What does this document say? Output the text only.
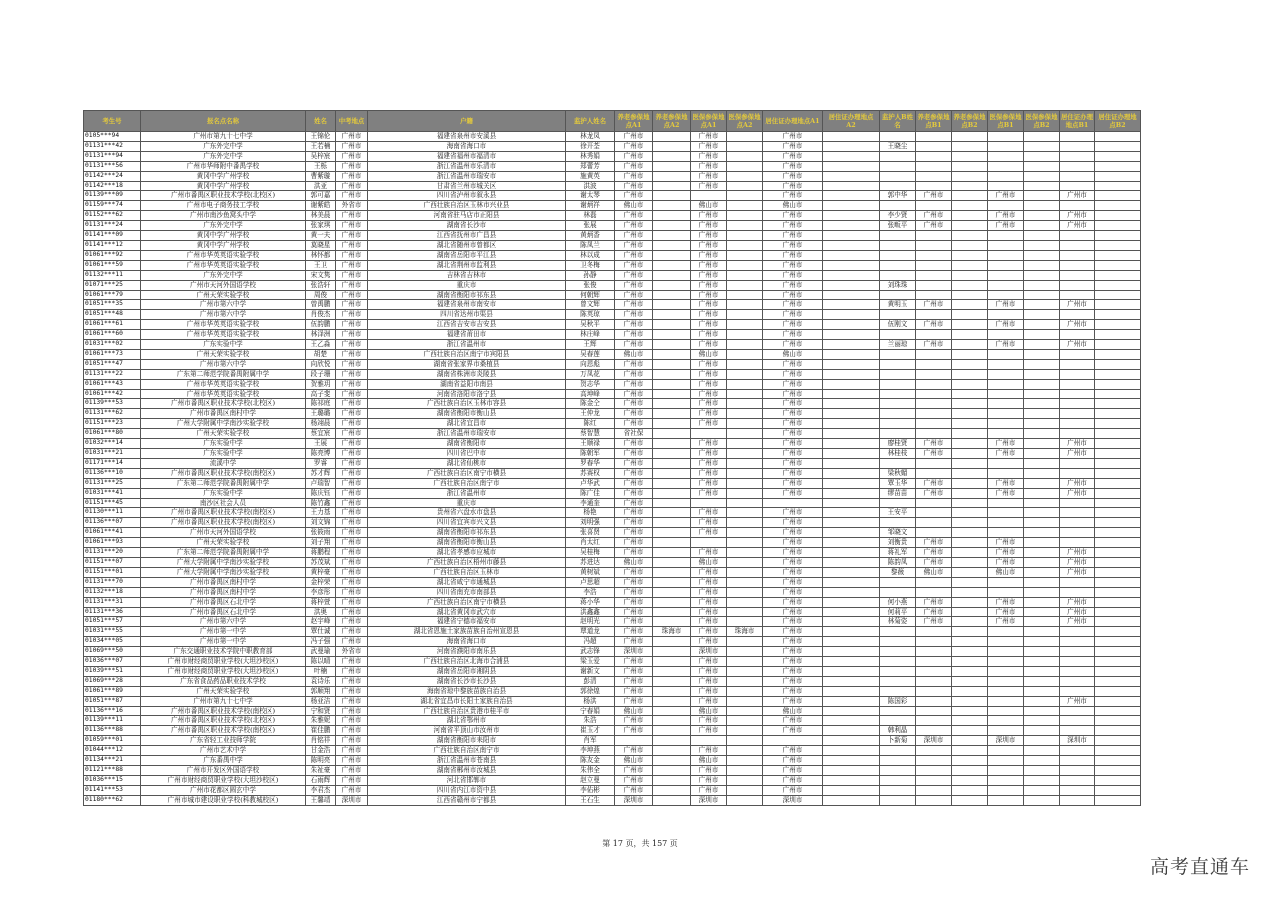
考生号	报名点名称	姓名	中考地点	户籍	监护人姓名	养老参保地点A1	养老参保地点A2	医保参保地点A1	医保参保地点A2	居住证办理地点A1	居住证办理地点A2	监护人B姓名	养老参保地点B1	养老参保地点B2	医保参保地点B1	医保参保地点B2	居住证办理地点B1	居住证办理地点B2
0105***94	广州市第九十七中学	王锦伦	广州市	福建省泉州市安溪县	林龙凤	广州市		广州市		广州市								
01131***42	广东外完中学	王若楠	广州市	海南省海口市	徐开荃	广州市		广州市		广州市		王晓尘						
01131***94	广东外完中学	吴梓宸	广州市	福建省福州市福清市	林秀娟	广州市		广州市		广州市								
01131***56	广州市华师附中番禺学校	王栎	广州市	浙江省温州市乐清市	郑蕾芳	广州市		广州市		广州市								
01142***24	黄冈中学广州学校	曹紫璇	广州市	浙江省温州市瑞安市	施黄英	广州市		广州市		广州市								
01142***18	黄冈中学广州学校	洪亚	广州市	甘肃省兰州市城关区	洪波	广州市		广州市		广州市								
01139***09	广州市番禺区职业技术学校(北校区)	郭可嘉	广州市	四川省泸州市叙永县	谢太琴	广州市				广州市		郭中华	广州市		广州市		广州市	
01159***74	广州市电子商务技工学校	谢紫皓	外省市	广西壮族自治区玉林市兴业县	谢炳祥	佛山市		佛山市		佛山市								
01152***62	广州市南沙鱼窝头中学	林美晨	广州市	河南省驻马店市正阳县	林磊	广州市		广州市		广州市		李少贤	广州市		广州市		广州市	
01131***24	广东外完中学	张家琪	广州市	湖南省长沙市	张展	广州市		广州市		广州市		张畈平	广州市		广州市		广州市	
01141***09	黄冈中学广州学校	黄一夫	广州市	江西省抚州市广昌县	黄炳香	广州市		广州市		广州市								
01141***12	黄冈中学广州学校	莫晓星	广州市	湖北省随州市曾都区	陈凤兰	广州市		广州市		广州市								
01061***92	广州市华英英语实验学校	林怀都	广州市	湖南省岳阳市平江县	林以成	广州市		广州市		广州市								
01061***59	广州市华英英语实验学校	王卫	广州市	湖北省荆州市监利县	卫冬梅	广州市		广州市		广州市								
01132***11	广东外完中学	宋文隽	广州市	吉林省吉林市	孙静	广州市		广州市		广州市								
01071***25	广州市天河外国语学校	张浩轩	广州市	重庆市	张俊	广州市		广州市		广州市		刘珠珠						
01061***79	广州天荣实验学校	周俊	广州市	湖南省衡阳市祁东县	何朝辉	广州市		广州市		广州市								
01051***35	广州市第六中学	曾禹鹏	广州市	福建省泉州市南安市	曾文辉	广州市		广州市		广州市		黄明玉	广州市		广州市		广州市	
01051***48	广州市第六中学	肖俊杰	广州市	四川省达州市渠县	陈英琼	广州市		广州市		广州市								
01061***61	广州市华英英语实验学校	伍韵鹏	广州市	江西省吉安市吉安县	吴秋平	广州市		广州市		广州市		伍刚文	广州市		广州市		广州市	
01061***60	广州市华英英语实验学校	林泽洲	广州市	福建省莆田市	林庄峰	广州市		广州市		广州市								
01031***02	广东实验中学	王乙淼	广州市	浙江省温州市	王辉	广州市		广州市		广州市		兰丽琼	广州市		广州市		广州市	
01061***73	广州天荣实验学校	胡楚	广州市	广西壮族自治区南宁市宾阳县	吴春莲	佛山市		佛山市		佛山市								
01051***47	广州市第六中学	向欣悦	广州市	湖南省张家界市桑植县	向恩彪	广州市		广州市		广州市								
01131***22	广东第二师范学院番禺附属中学	段子珊	广州市	湖南省株洲市炎陵县	万凤花	广州市		广州市		广州市								
01061***43	广州市华英英语实验学校	贺雅玥	广州市	湖南省益阳市南县	贺志华	广州市		广州市		广州市								
01061***42	广州市华英英语实验学校	高子斐	广州市	河南省洛阳市洛宁县	高坤峰	广州市		广州市		广州市								
01139***53	广州市番禺区职业技术学校(北校区)	陈祁庭	广州市	广西壮族自治区玉林市容县	陈金仝	广州市		广州市		广州市								
01131***62	广州市番禺区南村中学	王璐璐	广州市	湖南省衡阳市衡山县	王仲龙	广州市		广州市		广州市								
01151***23	广州大学附属中学南沙实验学校	杨翊晨	广州市	湖北省宜昌市	陈红	广州市		广州市		广州市								
01061***80	广州天荣实验学校	蔡宜宸	广州市	浙江省温州市瑞安市	蔡智慧	省社保				广州市								
01032***14	广东实验中学	王展	广州市	湖南省衡阳市	王顺禄	广州市		广州市		广州市		廖桂贤	广州市		广州市		广州市	
01031***21	广东实验中学	陈亮博	广州市	四川省巴中市	陈朝军	广州市		广州市		广州市		林桂枝	广州市		广州市		广州市	
01171***14	流溪中学	罗睿	广州市	湖北省仙桃市	罗春华	广州市		广州市		广州市								
01136***10	广州市番禺区职业技术学校(南校区)	苏才辉	广州市	广西壮族自治区南宁市横县	苏赛权	广州市		广州市		广州市		梁秋媚						
01131***25	广东第二师范学院番禺附属中学	卢瑞智	广州市	广西壮族自治区南宁市	卢华武	广州市		广州市		广州市		覃玉华	广州市		广州市		广州市	
01031***41	广东实验中学	陈庆钰	广州市	浙江省温州市	陈广佳	广州市		广州市		广州市		缪苗苗	广州市		广州市		广州市	
01151***45	南沙区社会人员	陈竹鑫	广州市	重庆市	李通奎	广州市												
01130***11	广州市番禺区职业技术学校(南校区)	王力基	广州市	贵州省六盘水市盘县	杨艳	广州市		广州市		广州市		王安平						
01136***07	广州市番禺区职业技术学校(南校区)	刘文锦	广州市	四川省宜宾市兴文县	刘明强	广州市		广州市		广州市								
01061***41	广州市天河外国语学校	张筱雨	广州市	湖南省衡阳市祁东县	张喜贤	广州市		广州市		广州市		邹晓文						
01061***93	广州天荣实验学校	刘子翔	广州市	湖南省衡阳市衡山县	肖太红	广州市				广州市		刘衡贵	广州市		广州市			
01131***20	广东第二师范学院番禺附属中学	蒋鹏程	广州市	湖北省孝感市应城市	吴桂梅	广州市		广州市		广州市		蒋礼军	广州市		广州市		广州市	
01151***07	广州大学附属中学南沙实验学校	苏茂斌	广州市	广西壮族自治区梧州市藤县	苏进达	佛山市		佛山市		广州市		陈韵凤	广州市		广州市		广州市	
01151***01	广州大学附属中学南沙实验学校	黄梓豪	广州市	广西壮族自治区玉林市	黄树斌	广州市		广州市		广州市		黎薇	佛山市		佛山市		广州市	
01131***70	广州市番禺区南村中学	金梓荣	广州市	湖北省咸宁市通城县	卢思超	广州市		广州市		广州市								
01132***18	广州市番禺区南村中学	李彦彤	广州市	四川省南充市南部县	李浩	广州市		广州市		广州市								
01131***31	广州市番禺区石北中学	蒋梓萱	广州市	广西壮族自治区南宁市横县	蒋小华	广州市		广州市		广州市		何小燕	广州市		广州市		广州市	
01131***36	广州市番禺区石北中学	洪奥	广州市	湖北省黄冈市武穴市	洪鑫鑫	广州市		广州市		广州市		何莉平	广州市		广州市		广州市	
01051***57	广州市第六中学	赵宇峰	广州市	福建省宁德市福安市	赵明光	广州市		广州市		广州市		林菊姿	广州市		广州市		广州市	
01031***55	广州市第一中学	覃仕诚	广州市	湖北省恩施土家族苗族自治州宣恩县	覃道龙	广州市	珠海市	广州市	珠海市	广州市								
01034***05	广州市第一中学	冯子强	广州市	海南省海口市	冯超	广州市		广州市		广州市								
01069***50	广东交通职业技术学院中职教育部	武曼瑜	外省市	河南省濮阳市南乐县	武志锋	深圳市		深圳市		广州市								
01036***07	广州市财经商贸职业学校(大坦沙校区)	陈以晴	广州市	广西壮族自治区北海市合浦县	梁玉爱	广州市		广州市		广州市								
01039***51	广州市财经商贸职业学校(大坦沙校区)	叶楠	广州市	湖南省岳阳市湘阴县	谢新文	广州市		广州市		广州市								
01069***28	广东省食品药品职业技术学校	袁诗乐	广州市	湖南省长沙市长沙县	彭清	广州市		广州市		广州市								
01061***89	广州天荣实验学校	郭顺翔	广州市	海南省琼中黎族苗族自治县	郭徐煌	广州市		广州市		广州市								
01051***87	广州市第九十七中学	杨亚洁	广州市	湖北省宜昌市长阳土家族自治县	杨洪	广州市		广州市		广州市		陈国彩					广州市	
01136***16	广州市番禺区职业技术学校(南校区)	宁和贤	广州市	广西壮族自治区贵港市桂平市	宁春娟	佛山市		佛山市		佛山市								
01139***11	广州市番禺区职业技术学校(北校区)	朱雅妮	广州市	湖北省鄂州市	朱浩	广州市		广州市		广州市								
01136***88	广州市番禺区职业技术学校(南校区)	崔佳鹏	广州市	河南省平顶山市汝州市	崔玉才	广州市		广州市		广州市		韩利晶						
01059***01	广东省轻工业技师学院	肖铭祥	广州市	湖南省衡阳市耒阳市	肖军							卜新菊	深圳市		深圳市		深圳市	
01044***12	广州市艺术中学	甘金浩	广州市	广西壮族自治区南宁市	李坤燕	广州市		广州市		广州市								
01134***21	广东番禺中学	陈明亮	广州市	浙江省温州市苍南县	陈友金	佛山市		佛山市		广州市								
01121***88	广州市开发区外国语学校	朱祉豪	广州市	湖南省郴州市汝城县	朱伟全	广州市		广州市		广州市								
01036***15	广州市财经商贸职业学校(大坦沙校区)	石雨辉	广州市	河北省邯郸市	赵立曼	广州市		广州市		广州市								
01141***53	广州市花都区圆玄中学	李君杰	广州市	四川省内江市资中县	李佑彬	广州市		广州市		广州市								
01180***62	广州市城市建设职业学校(科教城校区)	王馨靖	深圳市	江西省赣州市宁都县	王石生	深圳市		深圳市		深圳市								
第 17 页，共 157 页
高考直通车
